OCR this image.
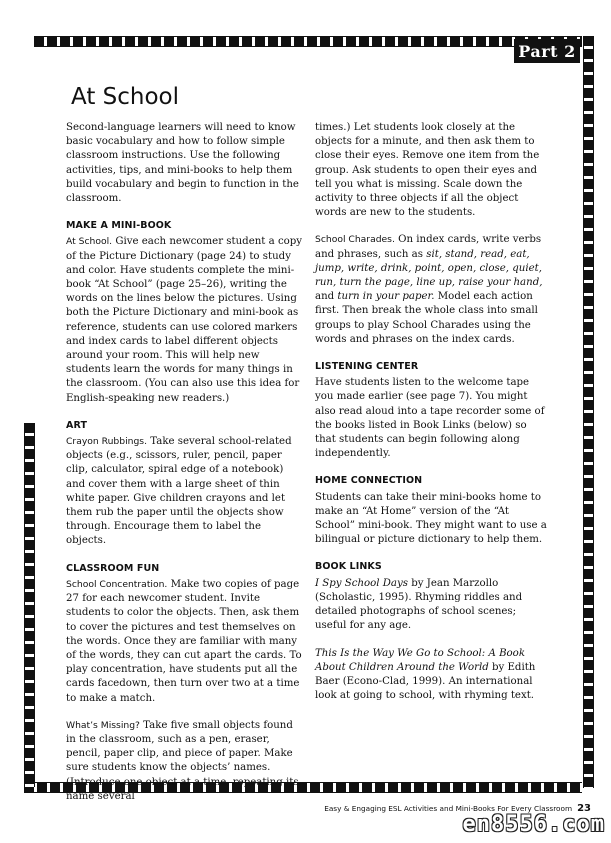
Part 2
At School

Second-language learners will need to know basic vocabulary and how to follow simple classroom instructions. Use the following activities, tips, and mini-books to help them build vocabulary and begin to function in the classroom.

MAKE A MINI-BOOK

At School. Give each newcomer student a copy of the Picture Dictionary (page 24) to study and color. Have students complete the mini-book “At School” (page 25–26), writing the words on the lines below the pictures. Using both the Picture Dictionary and mini-book as reference, students can use colored markers and index cards to label different objects around your room. This will help new students learn the words for many things in the classroom. (You can also use this idea for English-speaking new readers.)

ART

Crayon Rubbings. Take several school-related objects (e.g., scissors, ruler, pencil, paper clip, calculator, spiral edge of a notebook) and cover them with a large sheet of thin white paper. Give children crayons and let them rub the paper until the objects show through. Encourage them to label the objects.

CLASSROOM FUN

School Concentration. Make two copies of page 27 for each newcomer student. Invite students to color the objects. Then, ask them to cover the pictures and test themselves on the words. Once they are familiar with many of the words, they can cut apart the cards. To play concentration, have students put all the cards facedown, then turn over two at a time to make a match.

What’s Missing? Take five small objects found in the classroom, such as a pen, eraser, pencil, paper clip, and piece of paper. Make sure students know the objects’ names. (Introduce one object at a time, repeating its name several

times.) Let students look closely at the objects for a minute, and then ask them to close their eyes. Remove one item from the group. Ask students to open their eyes and tell you what is missing. Scale down the activity to three objects if all the object words are new to the students.

School Charades. On index cards, write verbs and phrases, such as sit, stand, read, eat, jump, write, drink, point, open, close, quiet, run, turn the page, line up, raise your hand, and turn in your paper. Model each action first. Then break the whole class into small groups to play School Charades using the words and phrases on the index cards.

LISTENING CENTER

Have students listen to the welcome tape you made earlier (see page 7). You might also read aloud into a tape recorder some of the books listed in Book Links (below) so that students can begin following along independently.

HOME CONNECTION

Students can take their mini-books home to make an “At Home” version of the “At School” mini-book. They might want to use a bilingual or picture dictionary to help them.

BOOK LINKS

I Spy School Days by Jean Marzollo (Scholastic, 1995). Rhyming riddles and detailed photographs of school scenes; useful for any age.

This Is the Way We Go to School: A Book About Children Around the World by Edith Baer (Econo-Clad, 1999). An international look at going to school, with rhyming text.

Easy & Engaging ESL Activities and Mini-Books For Every Classroom 23
en8556.com
